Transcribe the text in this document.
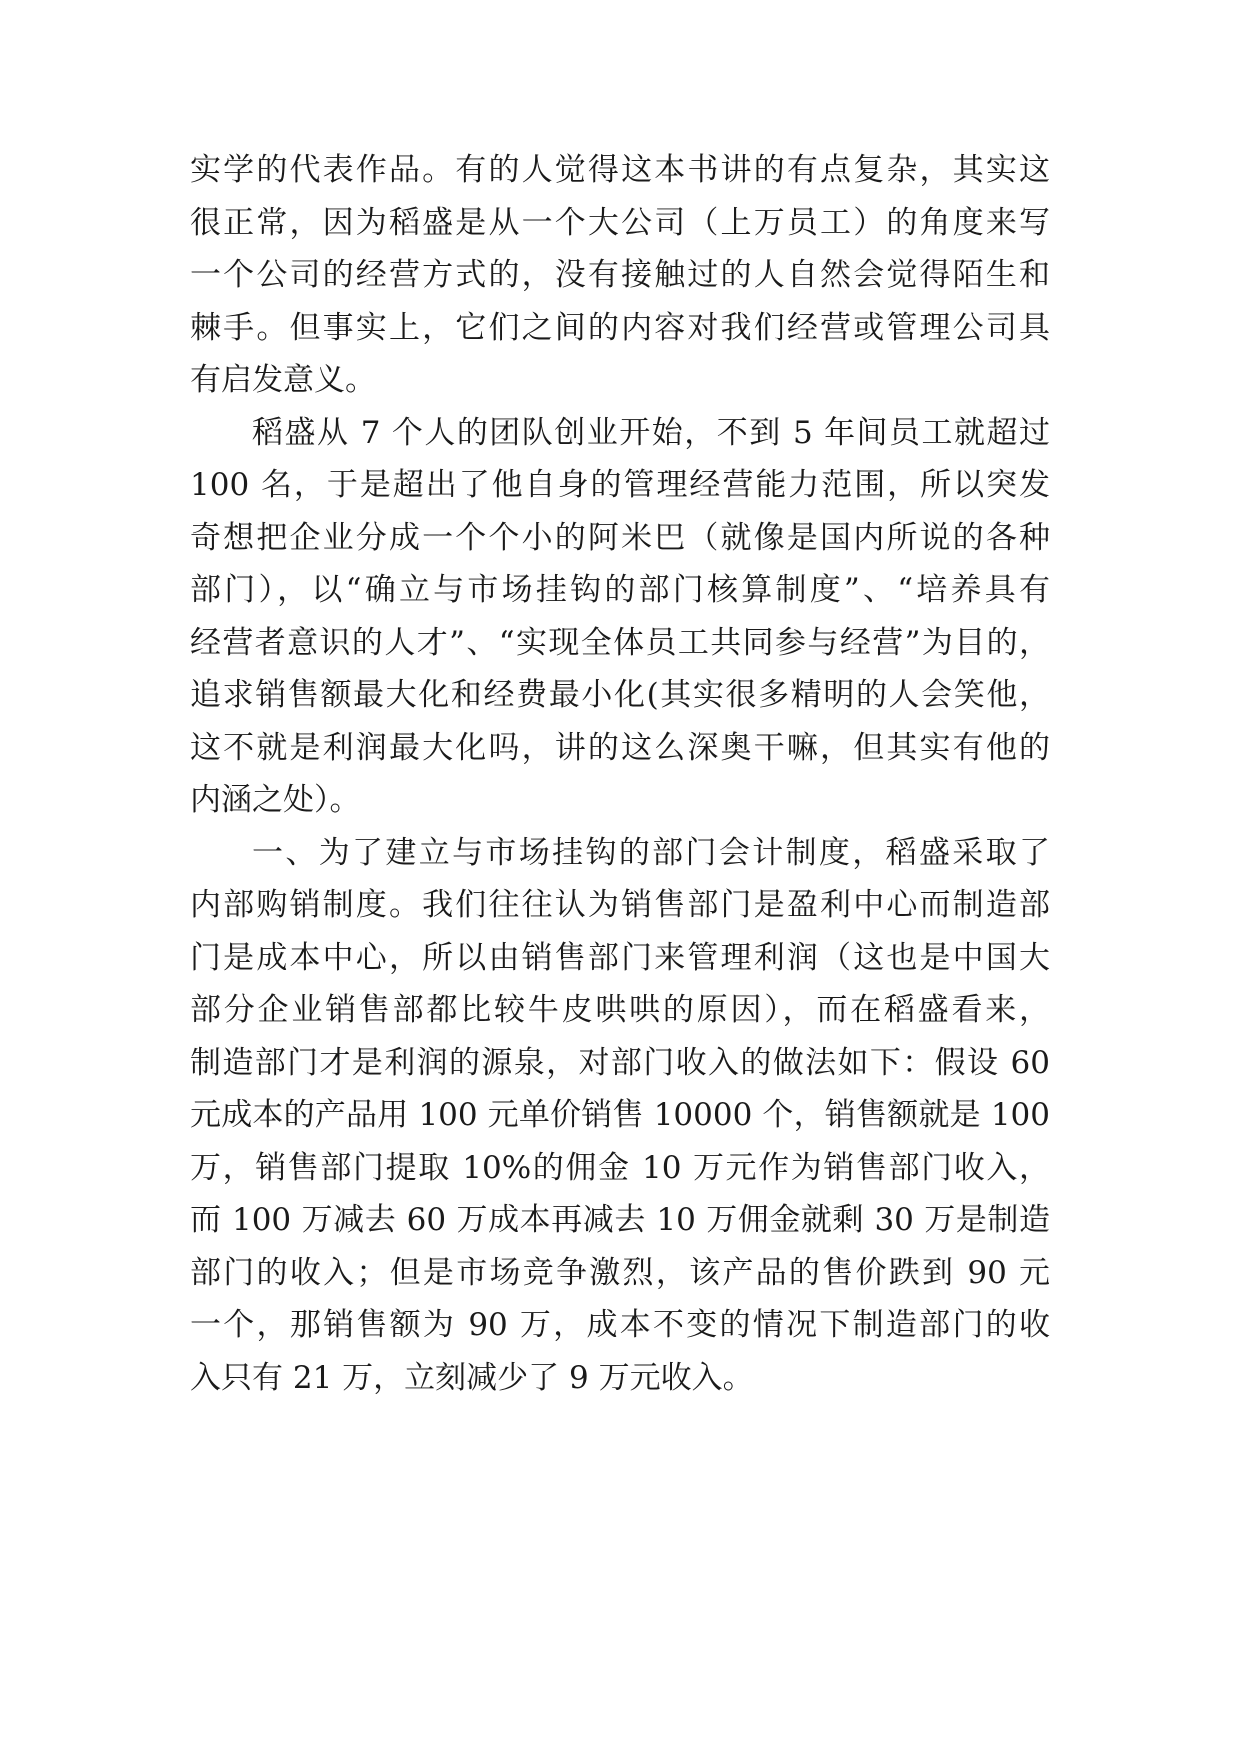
实学的代表作品。有的人觉得这本书讲的有点复杂，其实这
很正常，因为稻盛是从一个大公司（上万员工）的角度来写
一个公司的经营方式的，没有接触过的人自然会觉得陌生和
棘手。但事实上，它们之间的内容对我们经营或管理公司具
有启发意义。
稻盛从 7 个人的团队创业开始，不到 5 年间员工就超过
100 名，于是超出了他自身的管理经营能力范围，所以突发
奇想把企业分成一个个小的阿米巴（就像是国内所说的各种
部门），以“确立与市场挂钩的部门核算制度”、“培养具有
经营者意识的人才”、“实现全体员工共同参与经营”为目的，
追求销售额最大化和经费最小化(其实很多精明的人会笑他，
这不就是利润最大化吗，讲的这么深奥干嘛，但其实有他的
内涵之处）。
一、为了建立与市场挂钩的部门会计制度，稻盛采取了
内部购销制度。我们往往认为销售部门是盈利中心而制造部
门是成本中心，所以由销售部门来管理利润（这也是中国大
部分企业销售部都比较牛皮哄哄的原因），而在稻盛看来，
制造部门才是利润的源泉，对部门收入的做法如下：假设 60
元成本的产品用 100 元单价销售 10000 个，销售额就是 100
万，销售部门提取 10%的佣金 10 万元作为销售部门收入，
而 100 万减去 60 万成本再减去 10 万佣金就剩 30 万是制造
部门的收入；但是市场竞争激烈，该产品的售价跌到 90 元
一个，那销售额为 90 万，成本不变的情况下制造部门的收
入只有 21 万，立刻减少了 9 万元收入。
